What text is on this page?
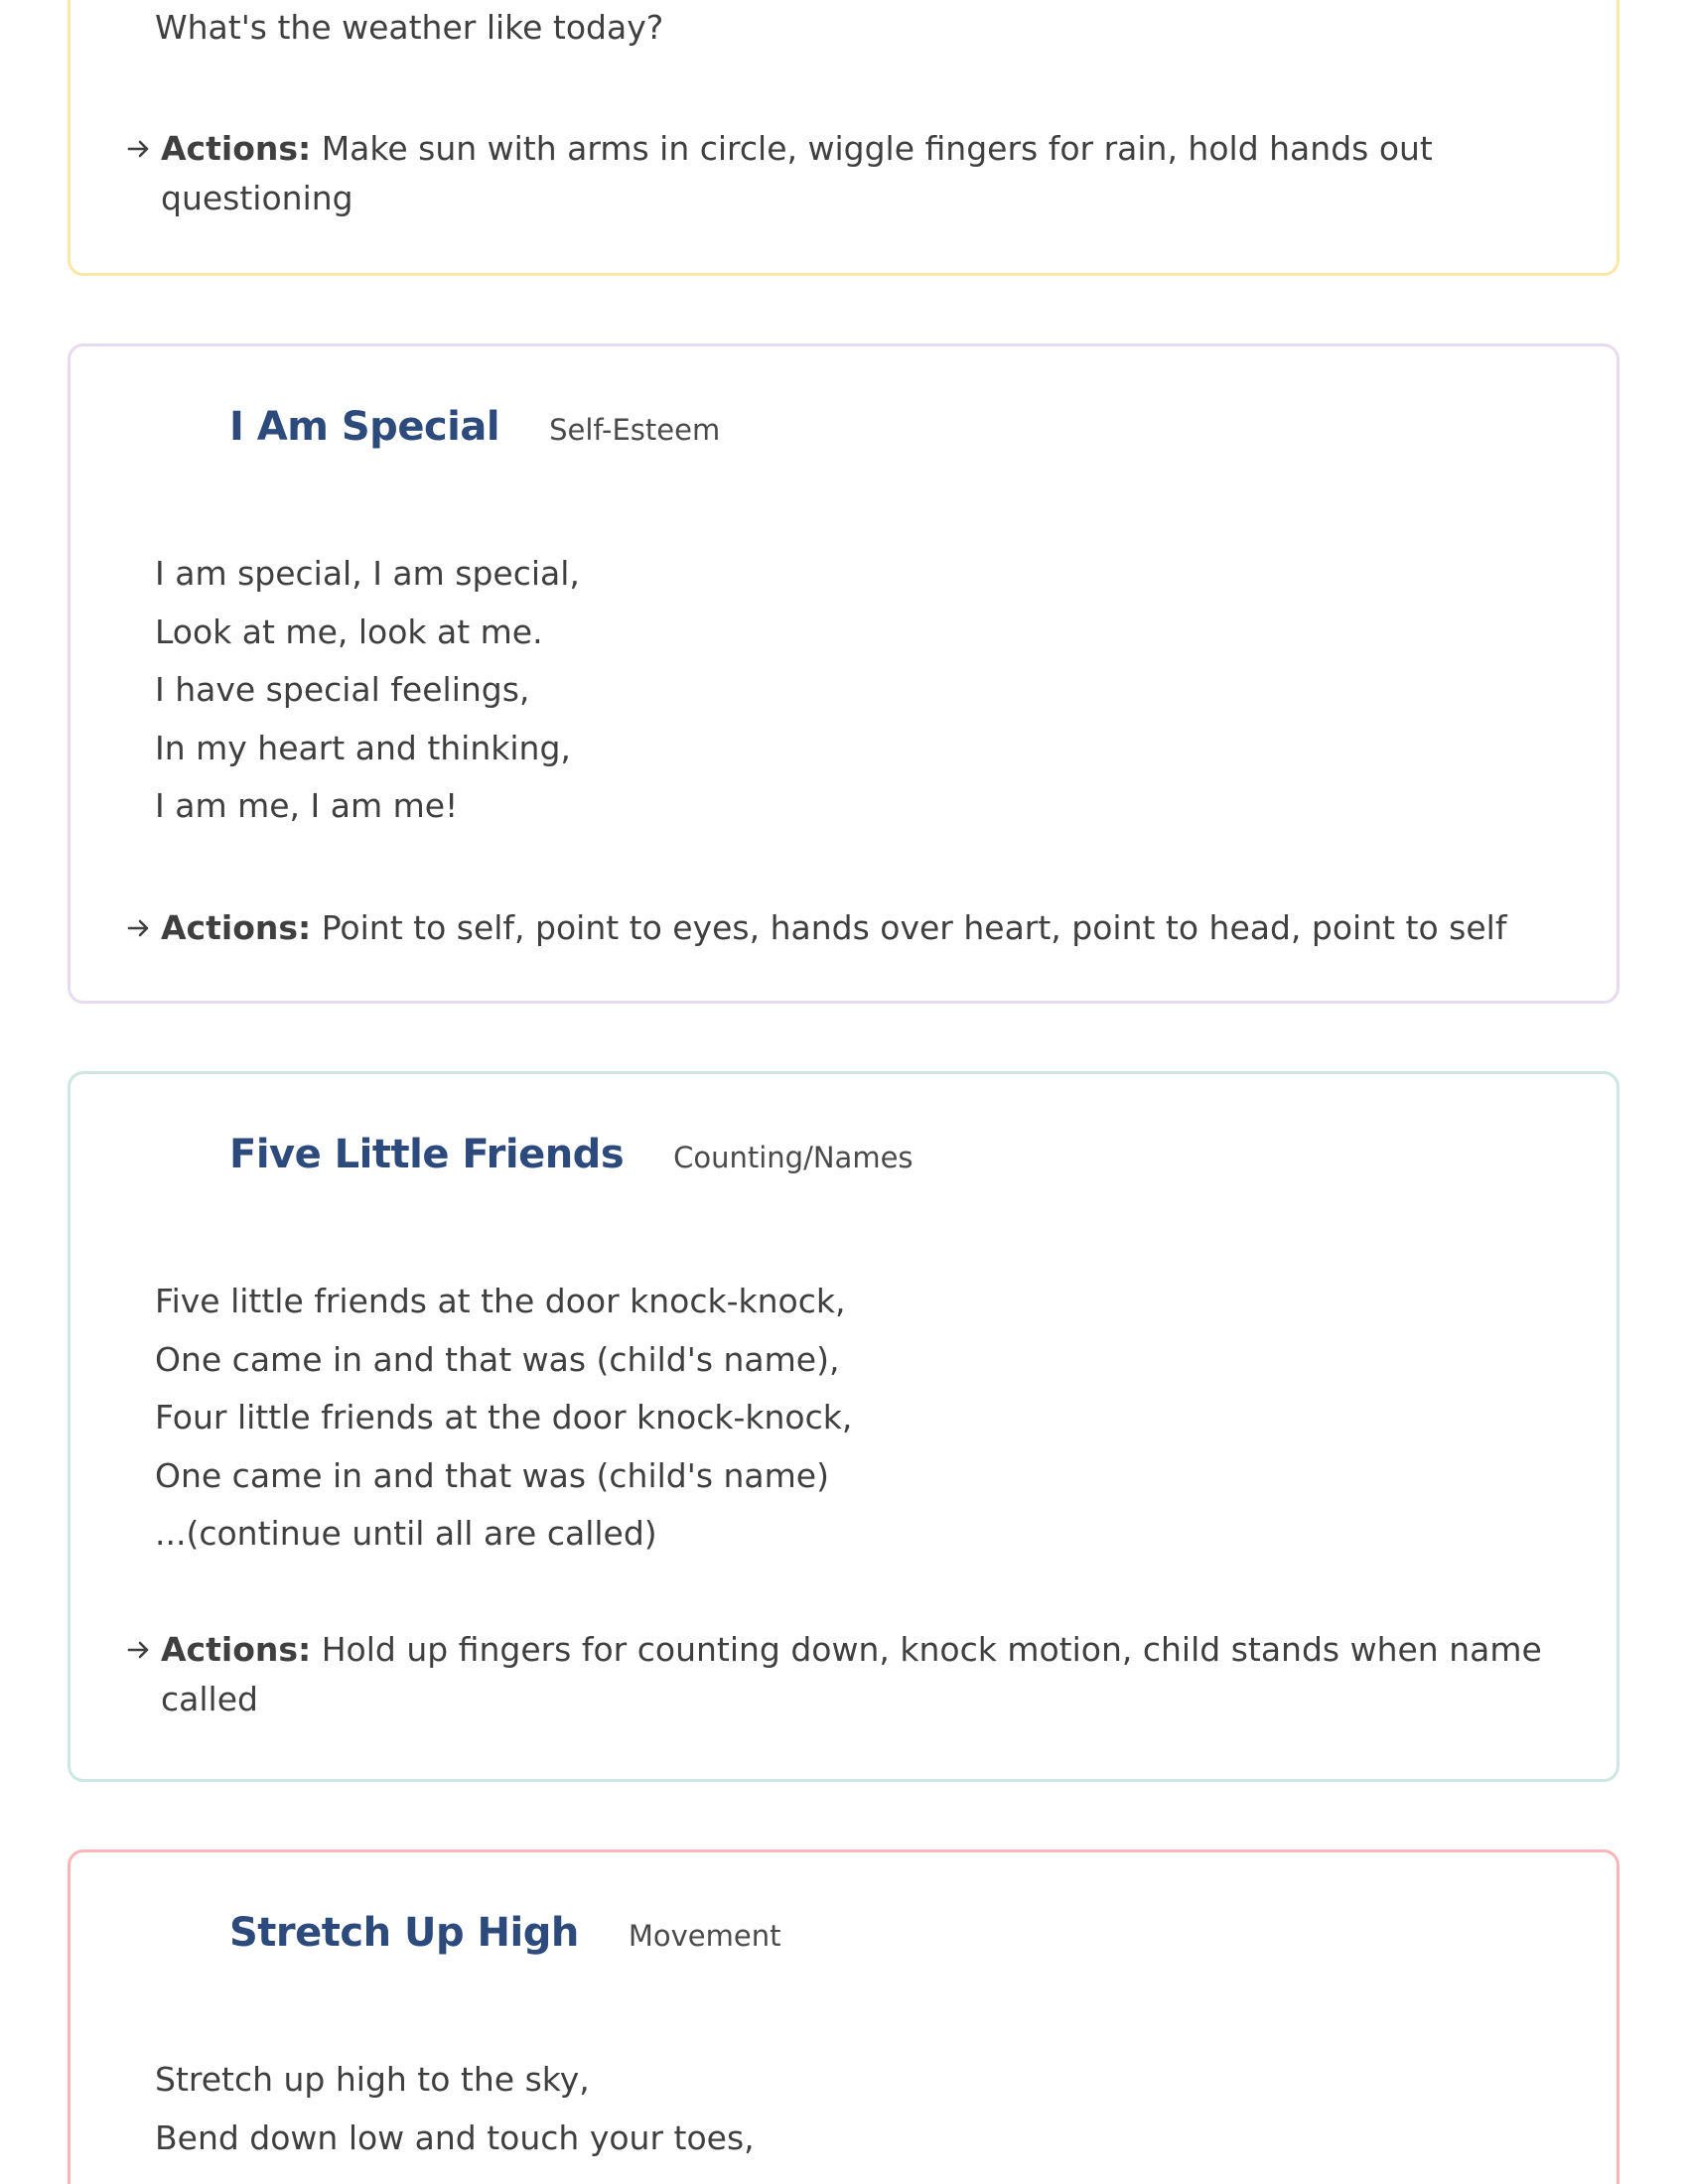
What's the weather like today?
Actions: Make sun with arms in circle, wiggle fingers for rain, hold hands out questioning
I Am Special Self-Esteem
I am special, I am special,
Look at me, look at me.
I have special feelings,
In my heart and thinking,
I am me, I am me!
Actions: Point to self, point to eyes, hands over heart, point to head, point to self
Five Little Friends Counting/Names
Five little friends at the door knock-knock,
One came in and that was (child's name),
Four little friends at the door knock-knock,
One came in and that was (child's name)
...(continue until all are called)
Actions: Hold up fingers for counting down, knock motion, child stands when name called
Stretch Up High Movement
Stretch up high to the sky,
Bend down low and touch your toes,
